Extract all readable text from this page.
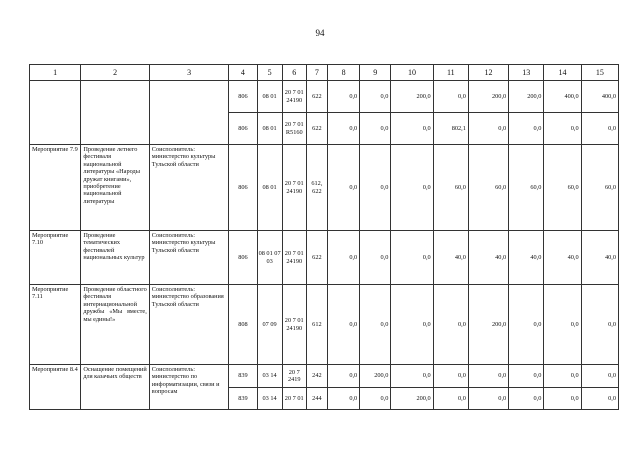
94
1	2	3	4	5	6	7	8	9	10	11	12	13	14	15
			806	08 01	20 7 01 24190	622	0,0	0,0	200,0	0,0	200,0	200,0	400,0	400,0
			806	08 01	20 7 01 R5160	622	0,0	0,0	0,0	802,1	0,0	0,0	0,0	0,0
Мероприятие 7.9	Проведение летнего фестиваля национальной литературы «Народы дружат книгами», приобретение национальной литературы	Соисполнитель: министерство культуры Тульской области	806	08 01	20 7 01 24190	612, 622	0,0	0,0	0,0	60,0	60,0	60,0	60,0	60,0
Мероприятие 7.10	Проведение тематических фестивалей национальных культур	Соисполнитель: министерство культуры Тульской области	806	08 01 07 03	20 7 01 24190	622	0,0	0,0	0,0	40,0	40,0	40,0	40,0	40,0
Мероприятие 7.11	Проведение областного фестиваля интернациональной дружбы «Мы вместе, мы едины!»	Соисполнитель: министерство образования Тульской области	808	07 09	20 7 01 24190	612	0,0	0,0	0,0	0,0	200,0	0,0	0,0	0,0
Мероприятие 8.4	Оснащение помещений для казачьих обществ	Соисполнитель: министерство по информатизации, связи и вопросам	839	03 14	20 7 2419	242	0,0	200,0	0,0	0,0	0,0	0,0	0,0	0,0
			839	03 14	20 7 01	244	0,0	0,0	200,0	0,0	0,0	0,0	0,0	0,0
